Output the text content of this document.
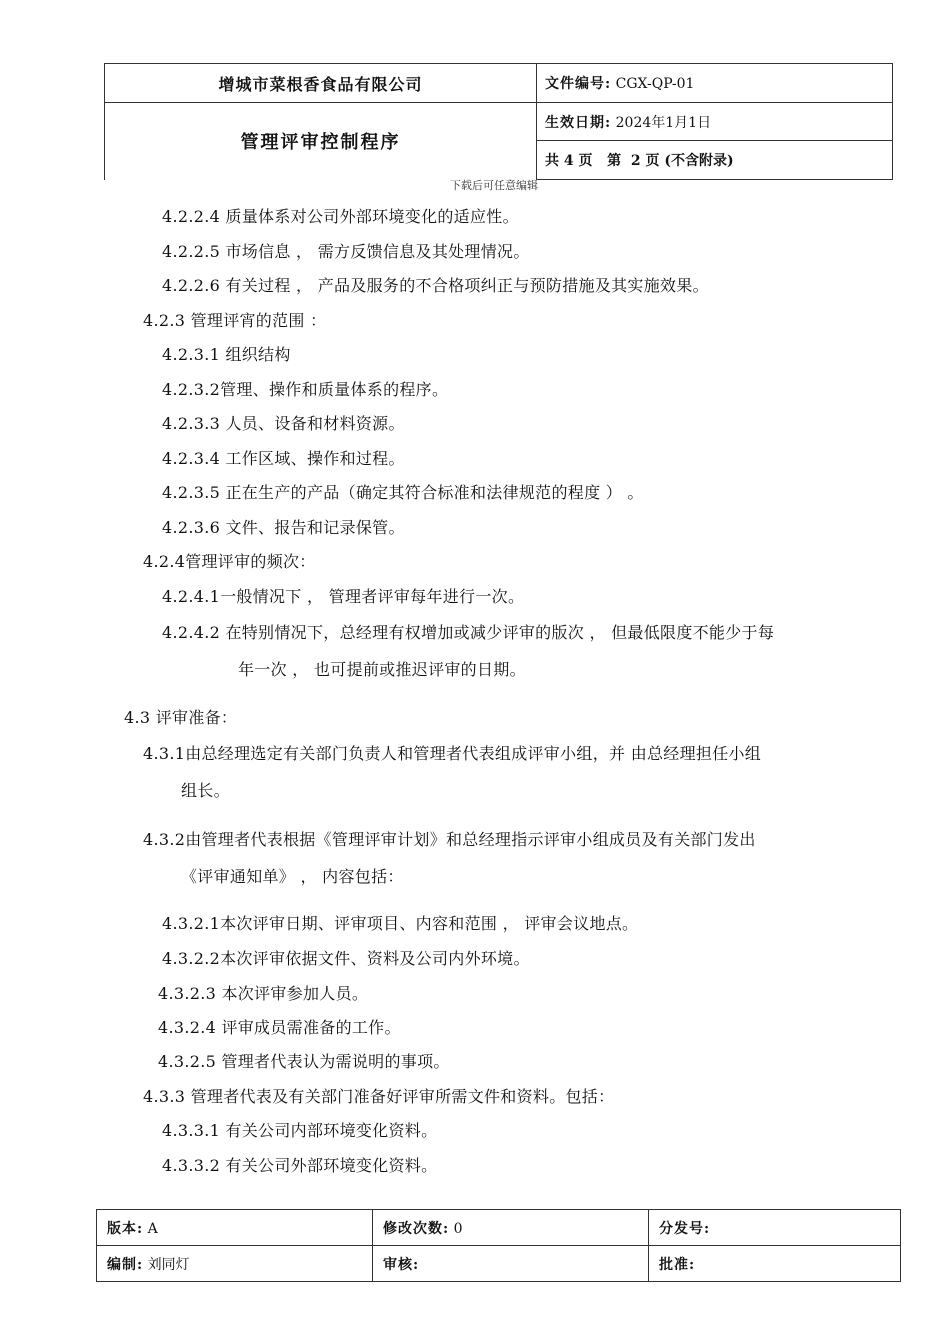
增城市菜根香食品有限公司	文件编号: CGX-QP-01
管理评审控制程序	生效日期: 2024年1月1日
	共 4 页   第  2 页 (不含附录)
下载后可任意编辑
4.2.2.4 质量体系对公司外部环境变化的适应性。
4.2.2.5 市场信息 ， 需方反馈信息及其处理情况。
4.2.2.6 有关过程 ， 产品及服务的不合格项纠正与预防措施及其实施效果。
4.2.3 管理评宵的范围 ：
4.2.3.1 组织结构
4.2.3.2管理、操作和质量体系的程序。
4.2.3.3 人员、设备和材料资源。
4.2.3.4 工作区域、操作和过程。
4.2.3.5 正在生产的产品（确定其符合标准和法律规范的程度 ） 。
4.2.3.6 文件、报告和记录保管。
4.2.4管理评审的频次：
4.2.4.1一般情况下 ， 管理者评审每年进行一次。
4.2.4.2 在特别情况下，总经理有权增加或减少评审的版次 ， 但最低限度不能少于每
年一次 ， 也可提前或推迟评审的日期。
4.3 评审准备：
4.3.1由总经理选定有关部门负责人和管理者代表组成评审小组，并 由总经理担任小组
组长。
4.3.2由管理者代表根据《管理评审计划》和总经理指示评审小组成员及有关部门发出
《评审通知单》 ， 内容包括：
4.3.2.1本次评审日期、评审项目、内容和范围 ， 评审会议地点。
4.3.2.2本次评审依据文件、资料及公司内外环境。
4.3.2.3 本次评审参加人员。
4.3.2.4 评审成员需准备的工作。
4.3.2.5 管理者代表认为需说明的事项。
4.3.3 管理者代表及有关部门准备好评审所需文件和资料。包括：
4.3.3.1 有关公司内部环境变化资料。
4.3.3.2 有关公司外部环境变化资料。
版本: A	修改次数: 0	分发号:
编制: 刘同灯	审核:	批准:
